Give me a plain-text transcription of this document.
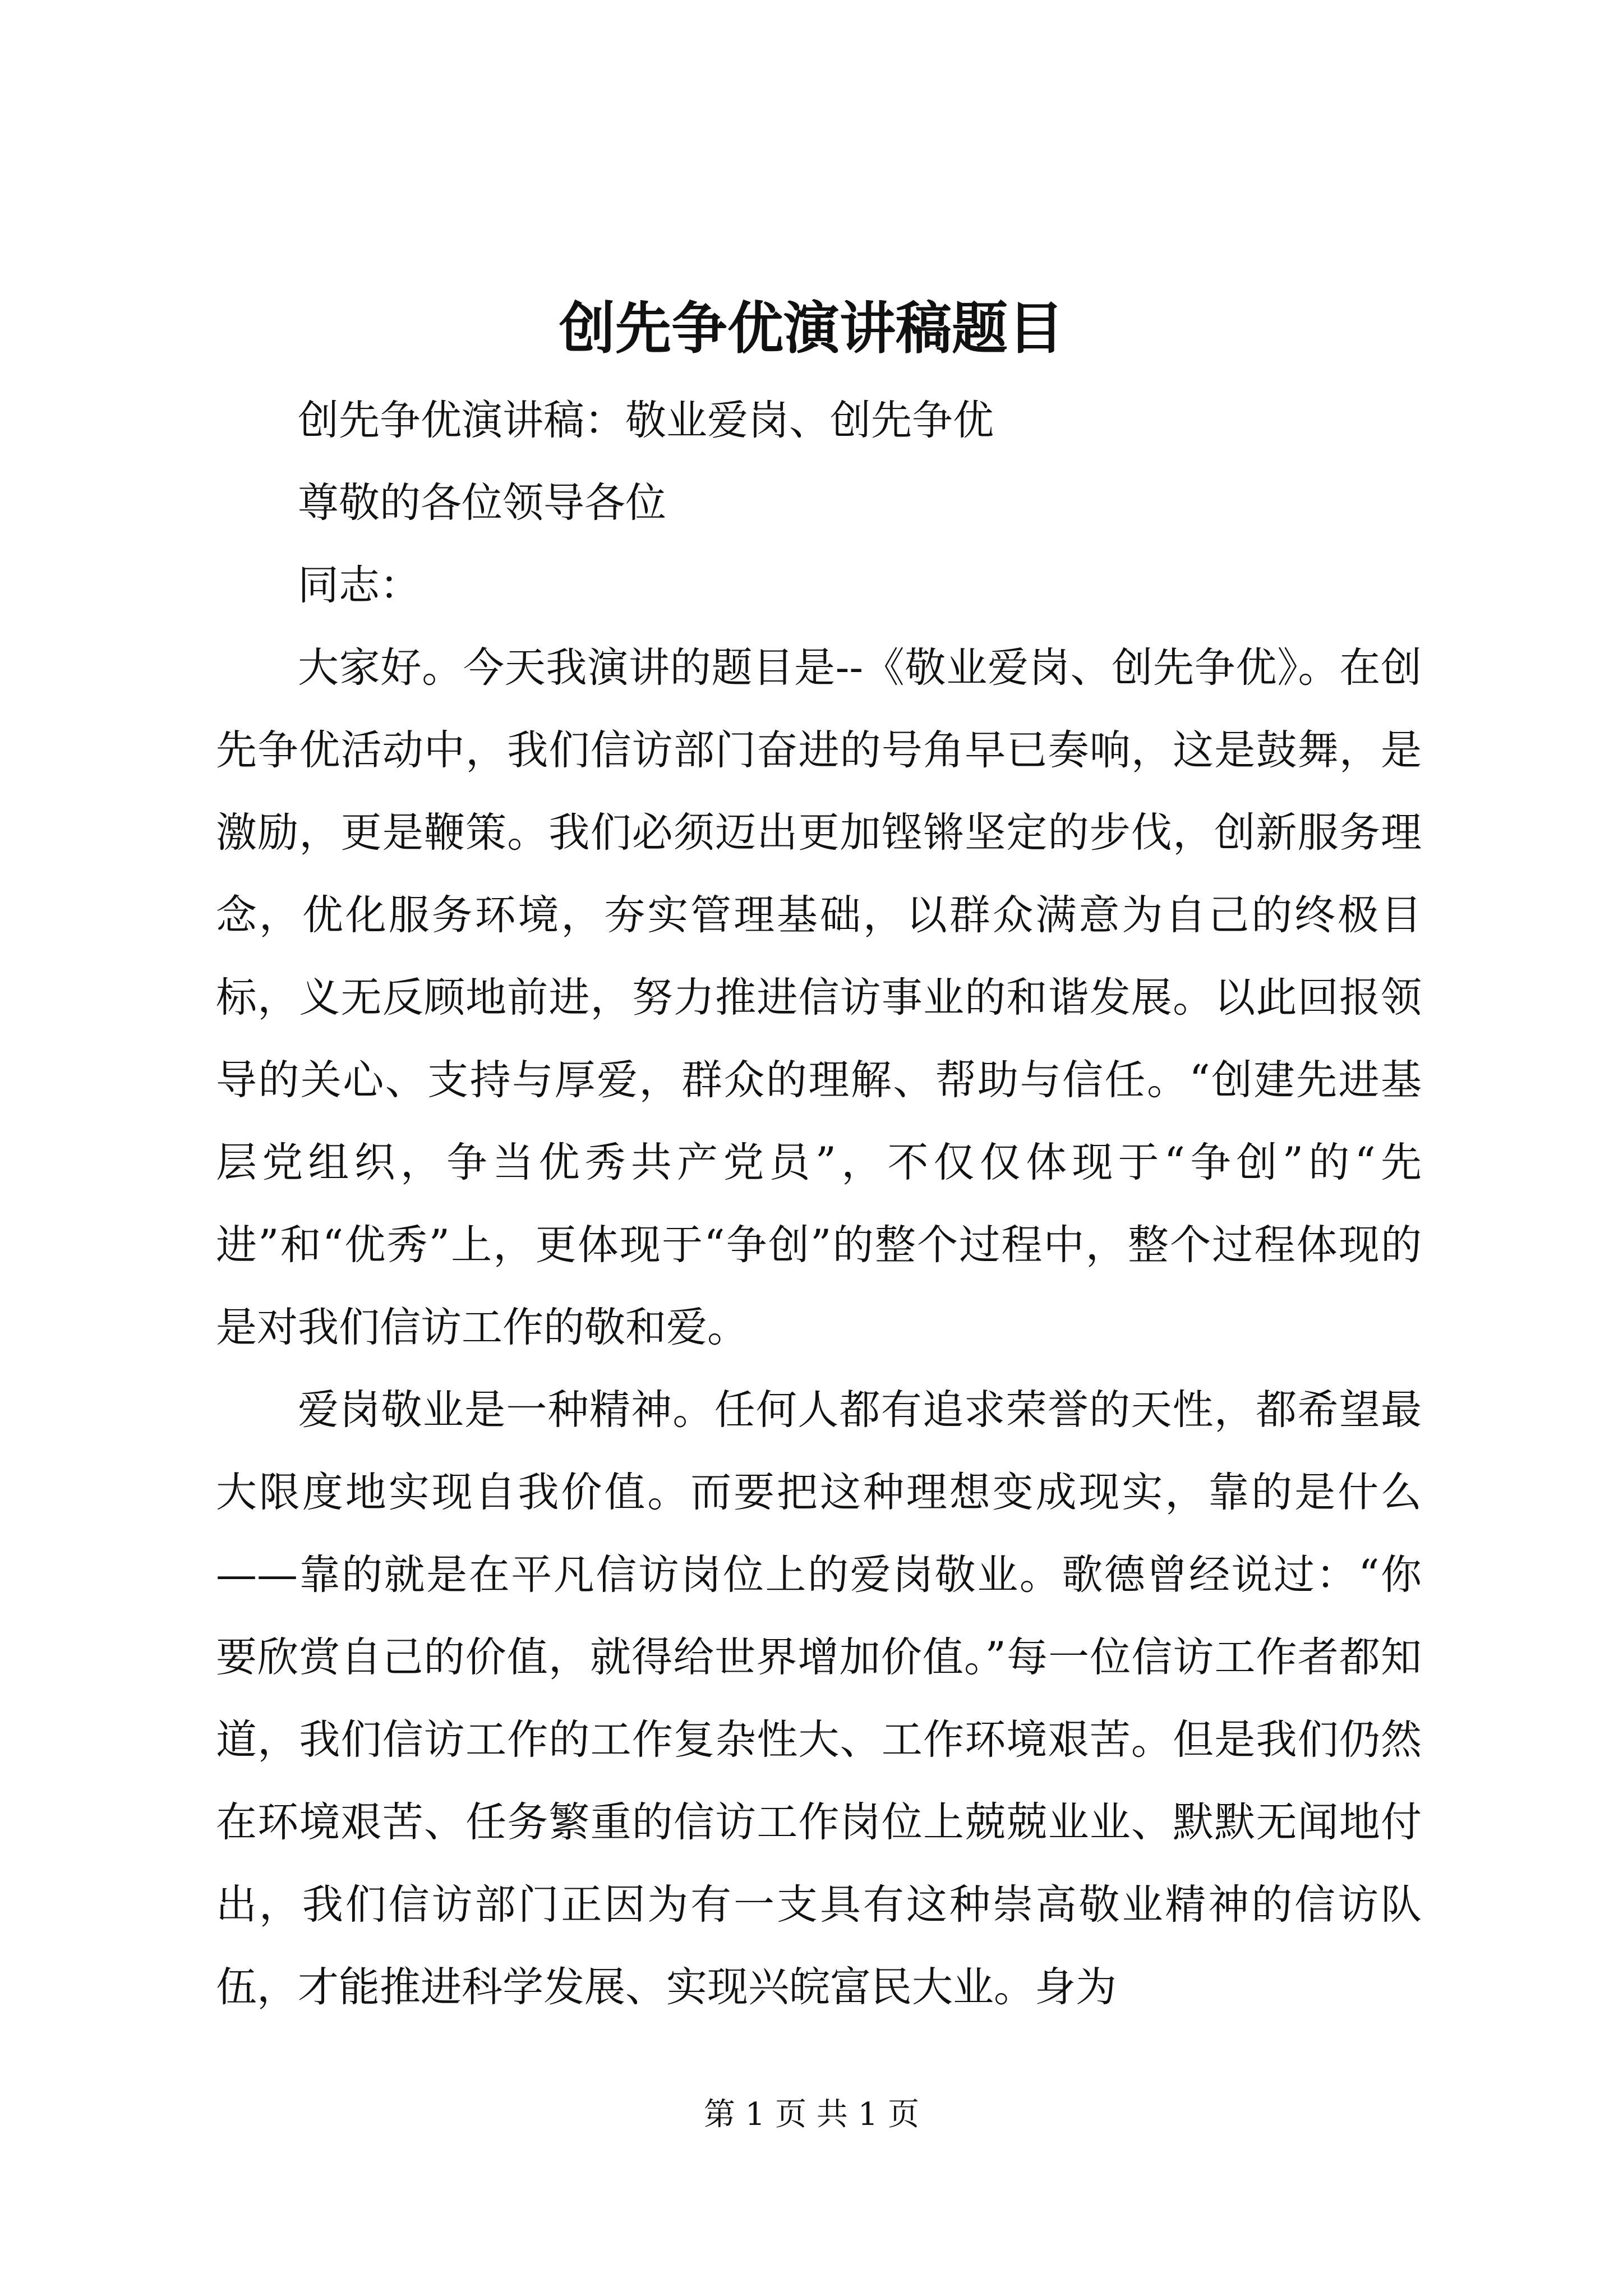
创先争优演讲稿题目

创先争优演讲稿：敬业爱岗、创先争优

尊敬的各位领导各位

同志：

大家好。今天我演讲的题目是--《敬业爱岗、创先争优》。在创先争优活动中，我们信访部门奋进的号角早已奏响，这是鼓舞，是激励，更是鞭策。我们必须迈出更加铿锵坚定的步伐，创新服务理念，优化服务环境，夯实管理基础，以群众满意为自己的终极目标，义无反顾地前进，努力推进信访事业的和谐发展。以此回报领导的关心、支持与厚爱，群众的理解、帮助与信任。“创建先进基层党组织，争当优秀共产党员”，不仅仅体现于“争创”的“先进”和“优秀”上，更体现于“争创”的整个过程中，整个过程体现的是对我们信访工作的敬和爱。

爱岗敬业是一种精神。任何人都有追求荣誉的天性，都希望最大限度地实现自我价值。而要把这种理想变成现实，靠的是什么——靠的就是在平凡信访岗位上的爱岗敬业。歌德曾经说过：“你要欣赏自己的价值，就得给世界增加价值。”每一位信访工作者都知道，我们信访工作的工作复杂性大、工作环境艰苦。但是我们仍然在环境艰苦、任务繁重的信访工作岗位上兢兢业业、默默无闻地付出，我们信访部门正因为有一支具有这种崇高敬业精神的信访队伍，才能推进科学发展、实现兴皖富民大业。身为

第 1 页 共 1 页
